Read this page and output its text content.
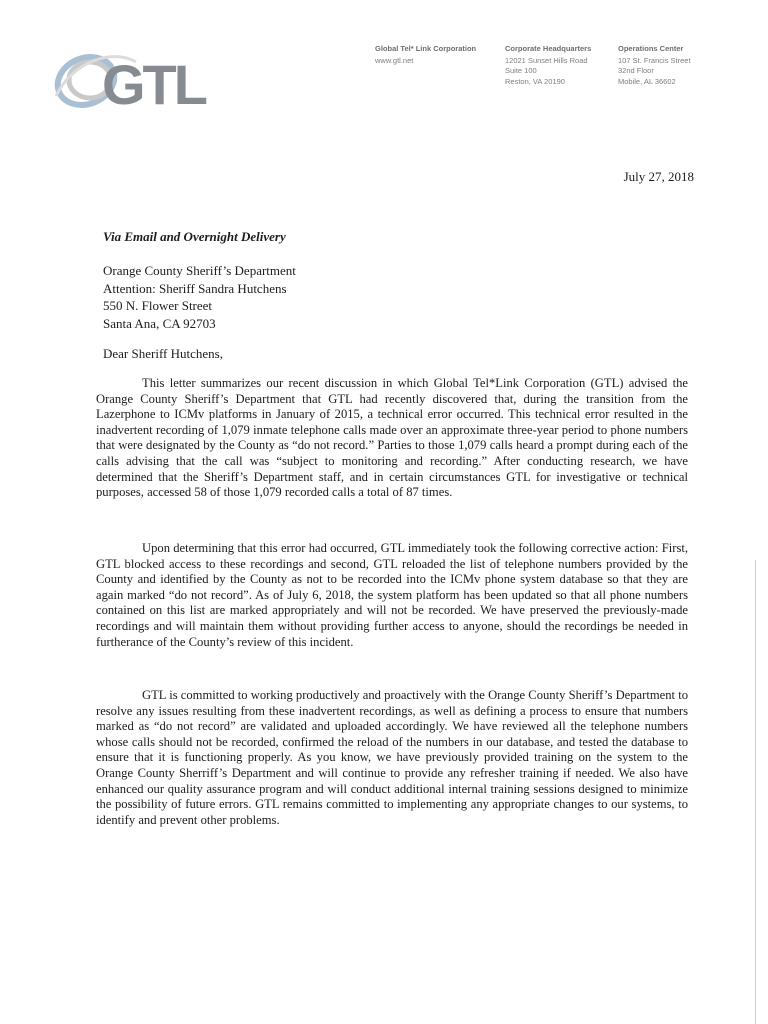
GTL
Global Tel* Link Corporation
www.gtl.net
Corporate Headquarters
12021 Sunset Hills Road
Suite 100
Reston, VA 20190
Operations Center
107 St. Francis Street
32nd Floor
Mobile, AL 36602
July 27, 2018
Via Email and Overnight Delivery
Orange County Sheriff’s Department
Attention: Sheriff Sandra Hutchens
550 N. Flower Street
Santa Ana, CA 92703
Dear Sheriff Hutchens,

This letter summarizes our recent discussion in which Global Tel*Link Corporation (GTL) advised the Orange County Sheriff’s Department that GTL had recently discovered that, during the transition from the Lazerphone to ICMv platforms in January of 2015, a technical error occurred. This technical error resulted in the inadvertent recording of 1,079 inmate telephone calls made over an approximate three-year period to phone numbers that were designated by the County as “do not record.” Parties to those 1,079 calls heard a prompt during each of the calls advising that the call was “subject to monitoring and recording.” After conducting research, we have determined that the Sheriff’s Department staff, and in certain circumstances GTL for investigative or technical purposes, accessed 58 of those 1,079 recorded calls a total of 87 times.

Upon determining that this error had occurred, GTL immediately took the following corrective action: First, GTL blocked access to these recordings and second, GTL reloaded the list of telephone numbers provided by the County and identified by the County as not to be recorded into the ICMv phone system database so that they are again marked “do not record”. As of July 6, 2018, the system platform has been updated so that all phone numbers contained on this list are marked appropriately and will not be recorded. We have preserved the previously-made recordings and will maintain them without providing further access to anyone, should the recordings be needed in furtherance of the County’s review of this incident.

GTL is committed to working productively and proactively with the Orange County Sheriff’s Department to resolve any issues resulting from these inadvertent recordings, as well as defining a process to ensure that numbers marked as “do not record” are validated and uploaded accordingly. We have reviewed all the telephone numbers whose calls should not be recorded, confirmed the reload of the numbers in our database, and tested the database to ensure that it is functioning properly. As you know, we have previously provided training on the system to the Orange County Sherriff’s Department and will continue to provide any refresher training if needed. We also have enhanced our quality assurance program and will conduct additional internal training sessions designed to minimize the possibility of future errors. GTL remains committed to implementing any appropriate changes to our systems, to identify and prevent other problems.
